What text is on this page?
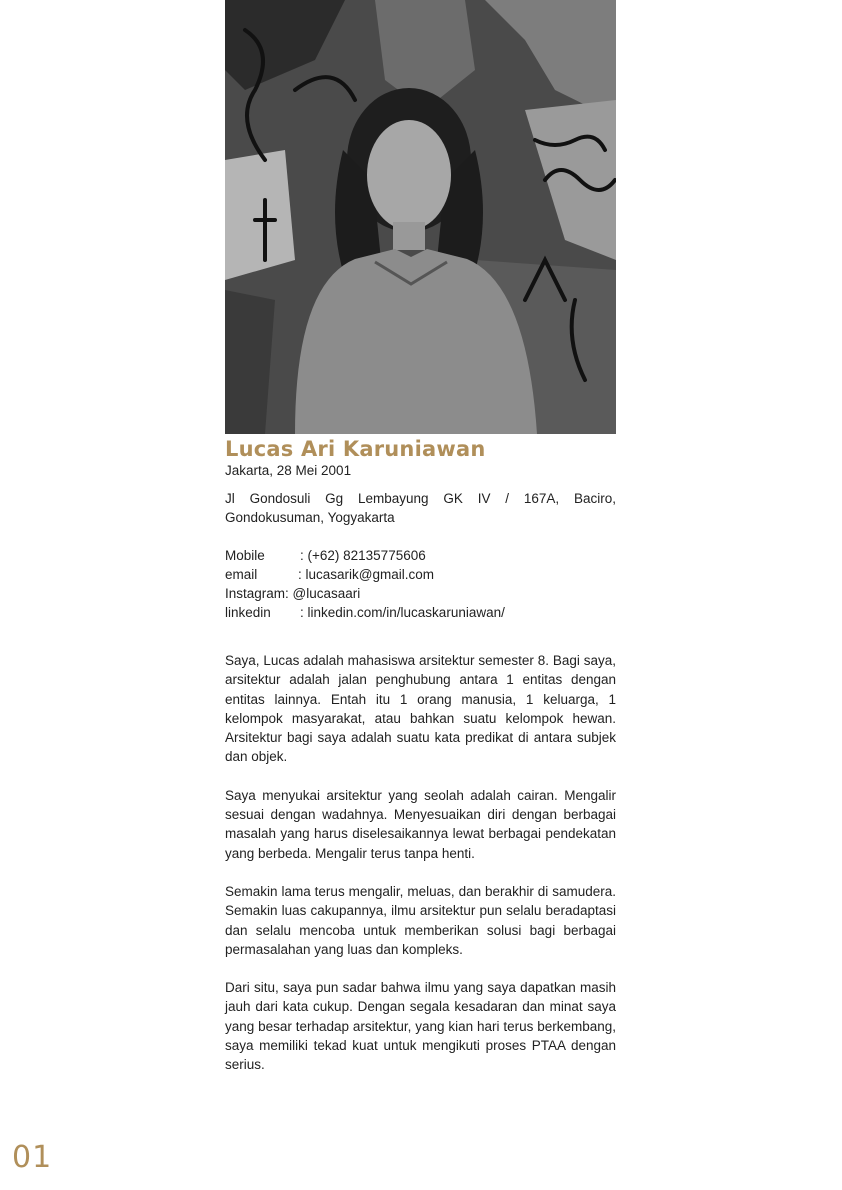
Lucas Ari Karuniawan
Jakarta, 28 Mei 2001
Jl Gondosuli Gg Lembayung GK IV / 167A, Baciro, Gondokusuman, Yogyakarta
Mobile	: (+62) 82135775606
email	: lucasarik@gmail.com
Instagram: @lucasaari
linkedin : linkedin.com/in/lucaskaruniawan/

Saya, Lucas adalah mahasiswa arsitektur semester 8. Bagi saya, arsitektur adalah jalan penghubung antara 1 entitas dengan entitas lainnya. Entah itu 1 orang manusia, 1 keluarga, 1 kelompok masyarakat, atau bahkan suatu kelompok hewan. Arsitektur bagi saya adalah suatu kata predikat di antara subjek dan objek.

Saya menyukai arsitektur yang seolah adalah cairan. Mengalir sesuai dengan wadahnya. Menyesuaikan diri dengan berbagai masalah yang harus diselesaikannya lewat berbagai pendekatan yang berbeda. Mengalir terus tanpa henti.

Semakin lama terus mengalir, meluas, dan berakhir di samudera. Semakin luas cakupannya, ilmu arsitektur pun selalu beradaptasi dan selalu mencoba untuk memberikan solusi bagi berbagai permasalahan yang luas dan kompleks.

Dari situ, saya pun sadar bahwa ilmu yang saya dapatkan masih jauh dari kata cukup. Dengan segala kesadaran dan minat saya yang besar terhadap arsitektur, yang kian hari terus berkembang, saya memiliki tekad kuat untuk mengikuti proses PTAA dengan serius.

01
